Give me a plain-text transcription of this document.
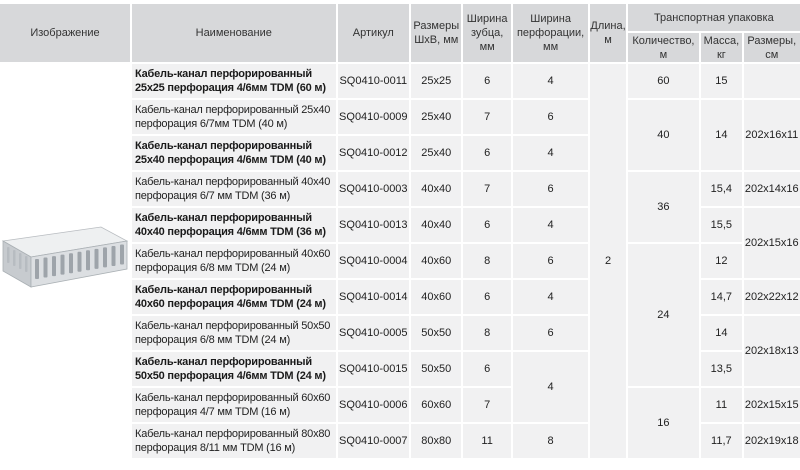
Изображение	Наименование	Артикул	Размеры ШхВ, мм	Ширина зубца, мм	Ширина перфорации, мм	Длина, м	Транспортная упаковка		
							Количество, м	Масса, кг	Размеры, см

	Кабель-канал перфорированный 25x25 перфорация 4/6мм TDM (60 м)	SQ0410-0011	25x25	6	4	2	60	15	
	Кабель-канал перфорированный 25x40 перфорация 6/7мм TDM (40 м)	SQ0410-0009	25x40	7	6		40	14	202x16x11
	Кабель-канал перфорированный 25x40 перфорация 4/6мм TDM (40 м)	SQ0410-0012	25x40	6	4				
	Кабель-канал перфорированный 40x40 перфорация 6/7 мм TDM (36 м)	SQ0410-0003	40x40	7	6		36	15,4	202x14x16
	Кабель-канал перфорированный 40x40 перфорация 4/6мм TDM (36 м)	SQ0410-0013	40x40	6	4			15,5	202x15x16
	Кабель-канал перфорированный 40x60 перфорация 6/8 мм TDM (24 м)	SQ0410-0004	40x60	8	6		24	12	
	Кабель-канал перфорированный 40x60 перфорация 4/6мм TDM (24 м)	SQ0410-0014	40x60	6	4			14,7	202x22x12
	Кабель-канал перфорированный 50x50 перфорация 6/8 мм TDM (24 м)	SQ0410-0005	50x50	8	6			14	202x18x13
	Кабель-канал перфорированный 50x50 перфорация 4/6мм TDM (24 м)	SQ0410-0015	50x50	6	4			13,5	
	Кабель-канал перфорированный 60x60 перфорация 4/7 мм TDM (16 м)	SQ0410-0006	60x60	7			16	11	202x15x15
	Кабель-канал перфорированный 80x80 перфорация 8/11 мм TDM (16 м)	SQ0410-0007	80x80	11	8			11,7	202x19x18
